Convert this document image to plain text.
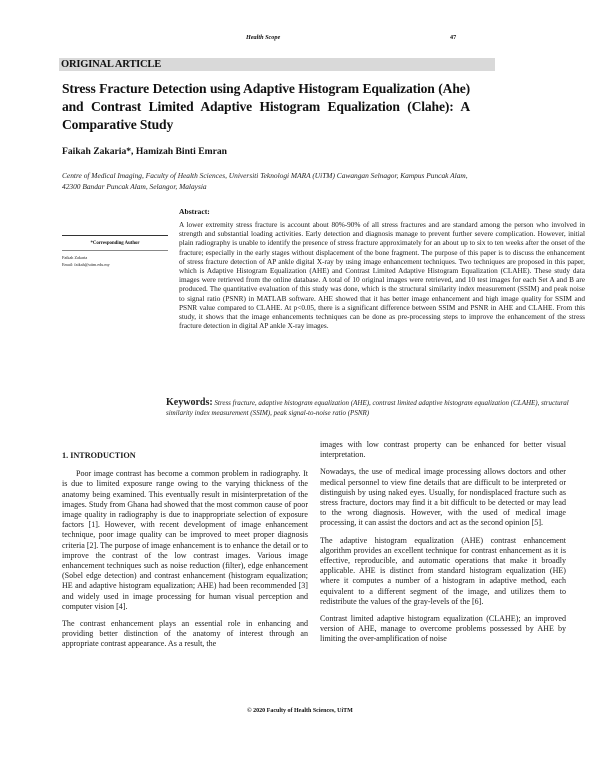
Health Scope	47
ORIGINAL ARTICLE
Stress Fracture Detection using Adaptive Histogram Equalization (Ahe) and Contrast Limited Adaptive Histogram Equalization (Clahe): A Comparative Study

Faikah Zakaria*, Hamizah Binti Emran

Centre of Medical Imaging, Faculty of Health Sciences, Universiti Teknologi MARA (UiTM) Cawangan Selnagor, Kampus Puncak Alam, 42300 Bandar Puncak Alam, Selangor, Malaysia

*Corresponding Author
Faikah Zakaria
Email: faikah@uitm.edu.my

Abstract:

A lower extremity stress fracture is account about 80%-90% of all stress fractures and are standard among the person who involved in strength and substantial loading activities. Early detection and diagnosis manage to prevent further severe complication. However, initial plain radiography is unable to identify the presence of stress fracture approximately for an about up to six to ten weeks after the onset of the fracture; especially in the early stages without displacement of the bone fragment. The purpose of this paper is to discuss the enhancement of stress fracture detection of AP ankle digital X-ray by using image enhancement techniques. Two techniques are proposed in this paper, which is Adaptive Histogram Equalization (AHE) and Contrast Limited Adaptive Histogram Equalization (CLAHE). These study data images were retrieved from the online database. A total of 10 original images were retrieved, and 10 test images for each Set A and B are produced. The quantitative evaluation of this study was done, which is the structural similarity index measurement (SSIM) and peak noise to signal ratio (PSNR) in MATLAB software. AHE showed that it has better image enhancement and high image quality for SSIM and PSNR value compared to CLAHE. At p<0.05, there is a significant difference between SSIM and PSNR in AHE and CLAHE. From this study, it shows that the image enhancements techniques can be done as pre-processing steps to improve the enhancement of the stress fracture detection in digital AP ankle X-ray images.

Keywords: Stress fracture, adaptive histogram equalization (AHE), contrast limited adaptive histogram equalization (CLAHE), structural similarity index measurement (SSIM), peak signal-to-noise ratio (PSNR)
1. INTRODUCTION

Poor image contrast has become a common problem in radiography. It is due to limited exposure range owing to the varying thickness of the anatomy being examined. This eventually result in misinterpretation of the images. Study from Ghana had showed that the most common cause of poor image quality in radiography is due to inappropriate selection of exposure factors [1]. However, with recent development of image enhancement technique, poor image quality can be improved to meet proper diagnosis criteria [2]. The purpose of image enhancement is to enhance the detail or to improve the contrast of the low contrast images. Various image enhancement techniques such as noise reduction (filter), edge enhancement (Sobel edge detection) and contrast enhancement (histogram equalization; HE and adaptive histogram equalization; AHE) had been recommended [3] and widely used in image processing for human visual perception and computer vision [4].

The contrast enhancement plays an essential role in enhancing and providing better distinction of the anatomy of interest through an appropriate contrast appearance. As a result, the

images with low contrast property can be enhanced for better visual interpretation.

Nowadays, the use of medical image processing allows doctors and other medical personnel to view fine details that are difficult to be interpreted or distinguish by using naked eyes. Usually, for nondisplaced fracture such as stress fracture, doctors may find it a bit difficult to be detected or may lead to the wrong diagnosis. However, with the used of medical image processing, it can assist the doctors and act as the second opinion [5].

The adaptive histogram equalization (AHE) contrast enhancement algorithm provides an excellent technique for contrast enhancement as it is effective, reproducible, and automatic operations that make it broadly applicable. AHE is distinct from standard histogram equalization (HE) where it computes a number of a histogram in adaptive method, each equivalent to a different segment of the image, and utilizes them to redistribute the values of the gray-levels of the [6].

Contrast limited adaptive histogram equalization (CLAHE); an improved version of AHE, manage to overcome problems possessed by AHE by limiting the over-amplification of noise

© 2020 Faculty of Health Sciences, UiTM
